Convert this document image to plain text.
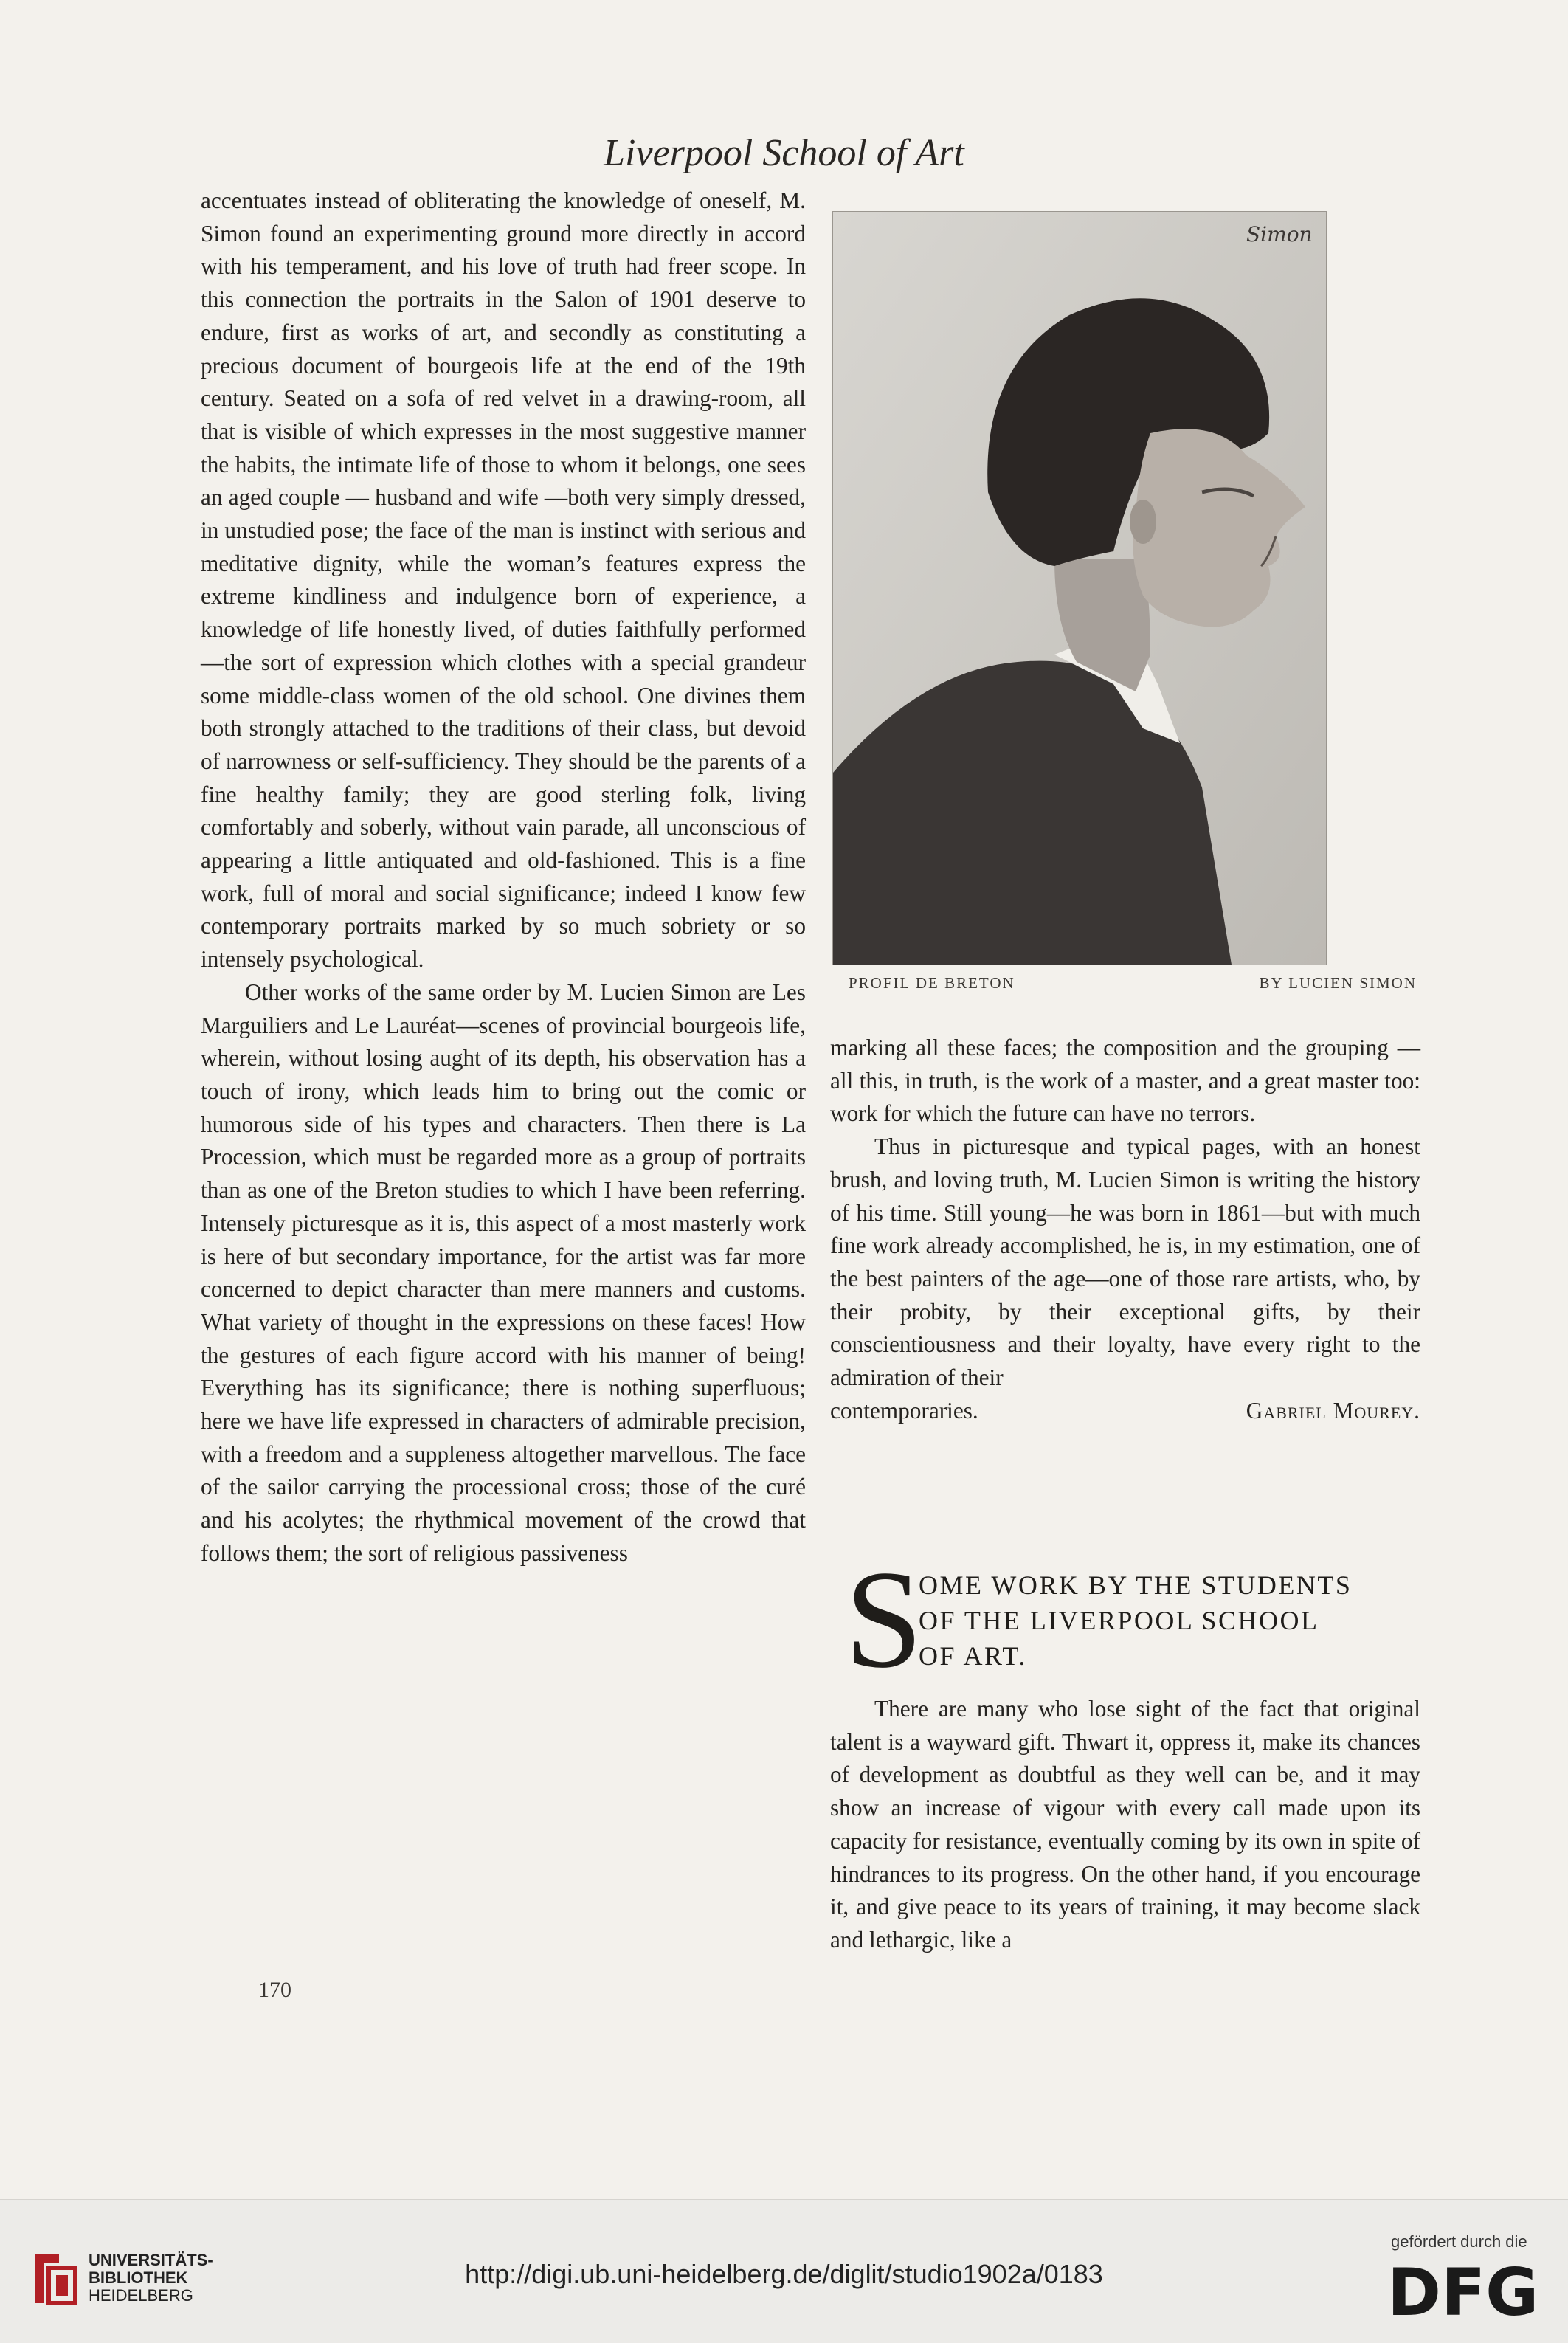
Liverpool School of Art

accentuates instead of obliterating the knowledge of oneself, M. Simon found an experimenting ground more directly in accord with his temperament, and his love of truth had freer scope. In this connection the portraits in the Salon of 1901 deserve to endure, first as works of art, and secondly as constituting a precious document of bourgeois life at the end of the 19th century. Seated on a sofa of red velvet in a drawing-room, all that is visible of which expresses in the most suggestive manner the habits, the intimate life of those to whom it belongs, one sees an aged couple — husband and wife —both very simply dressed, in unstudied pose; the face of the man is instinct with serious and meditative dignity, while the woman’s features express the extreme kindliness and indulgence born of experience, a knowledge of life honestly lived, of duties faithfully performed—the sort of expression which clothes with a special grandeur some middle-class women of the old school. One divines them both strongly attached to the traditions of their class, but devoid of narrowness or self-sufficiency. They should be the parents of a fine healthy family; they are good sterling folk, living comfortably and soberly, without vain parade, all unconscious of appearing a little antiquated and old-fashioned. This is a fine work, full of moral and social significance; indeed I know few contemporary portraits marked by so much sobriety or so intensely psychological.

Other works of the same order by M. Lucien Simon are Les Marguiliers and Le Lauréat—scenes of provincial bourgeois life, wherein, without losing aught of its depth, his observation has a touch of irony, which leads him to bring out the comic or humorous side of his types and characters. Then there is La Procession, which must be regarded more as a group of portraits than as one of the Breton studies to which I have been referring. Intensely picturesque as it is, this aspect of a most masterly work is here of but secondary importance, for the artist was far more concerned to depict character than mere manners and customs. What variety of thought in the expressions on these faces! How the gestures of each figure accord with his manner of being! Everything has its significance; there is nothing superfluous; here we have life expressed in characters of admirable precision, with a freedom and a suppleness altogether marvellous. The face of the sailor carrying the processional cross; those of the curé and his acolytes; the rhythmical movement of the crowd that follows them; the sort of religious passiveness

Simon
PROFIL DE BRETON	BY LUCIEN SIMON

marking all these faces; the composition and the grouping — all this, in truth, is the work of a master, and a great master too: work for which the future can have no terrors.

Thus in picturesque and typical pages, with an honest brush, and loving truth, M. Lucien Simon is writing the history of his time. Still young—he was born in 1861—but with much fine work already accomplished, he is, in my estimation, one of the best painters of the age—one of those rare artists, who, by their probity, by their exceptional gifts, by their conscientiousness and their loyalty, have every right to the admiration of their

contemporaries.	Gabriel Mourey.
S
OME WORK BY THE STUDENTS
OF THE LIVERPOOL SCHOOL
OF ART.

There are many who lose sight of the fact that original talent is a wayward gift. Thwart it, oppress it, make its chances of development as doubtful as they well can be, and it may show an increase of vigour with every call made upon its capacity for resistance, eventually coming by its own in spite of hindrances to its progress. On the other hand, if you encourage it, and give peace to its years of training, it may become slack and lethargic, like a

170
UNIVERSITÄTS-
BIBLIOTHEK
HEIDELBERG
http://digi.ub.uni-heidelberg.de/diglit/studio1902a/0183
gefördert durch die
DFG
